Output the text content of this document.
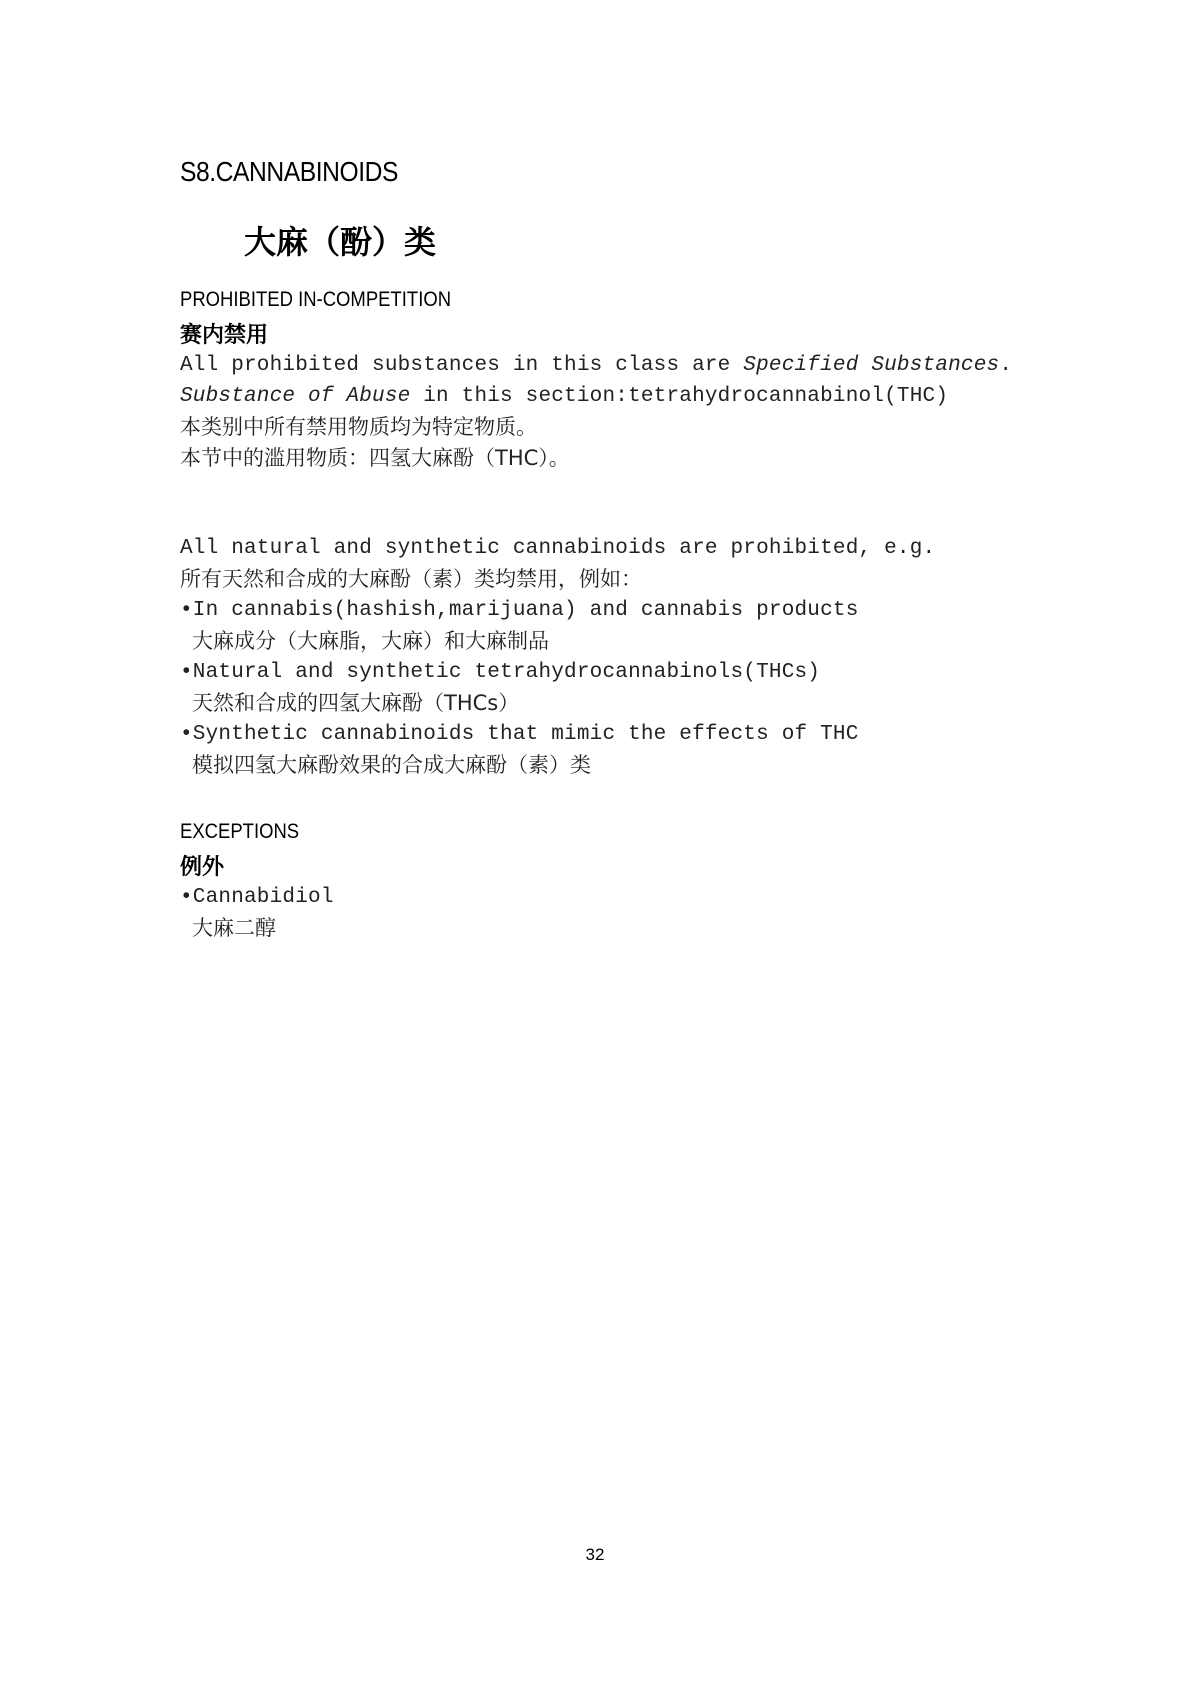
S8.CANNABINOIDS
大麻（酚）类
PROHIBITED IN-COMPETITION
赛内禁用
All prohibited substances in this class are Specified Substances.
Substance of Abuse in this section:tetrahydrocannabinol(THC)
本类别中所有禁用物质均为特定物质。
本节中的滥用物质：四氢大麻酚（THC）。
All natural and synthetic cannabinoids are prohibited, e.g.
所有天然和合成的大麻酚（素）类均禁用，例如：
•In cannabis(hashish,marijuana) and cannabis products
大麻成分（大麻脂，大麻）和大麻制品
•Natural and synthetic tetrahydrocannabinols(THCs)
天然和合成的四氢大麻酚（THCs）
•Synthetic cannabinoids that mimic the effects of THC
模拟四氢大麻酚效果的合成大麻酚（素）类
EXCEPTIONS
例外
•Cannabidiol
大麻二醇
32
